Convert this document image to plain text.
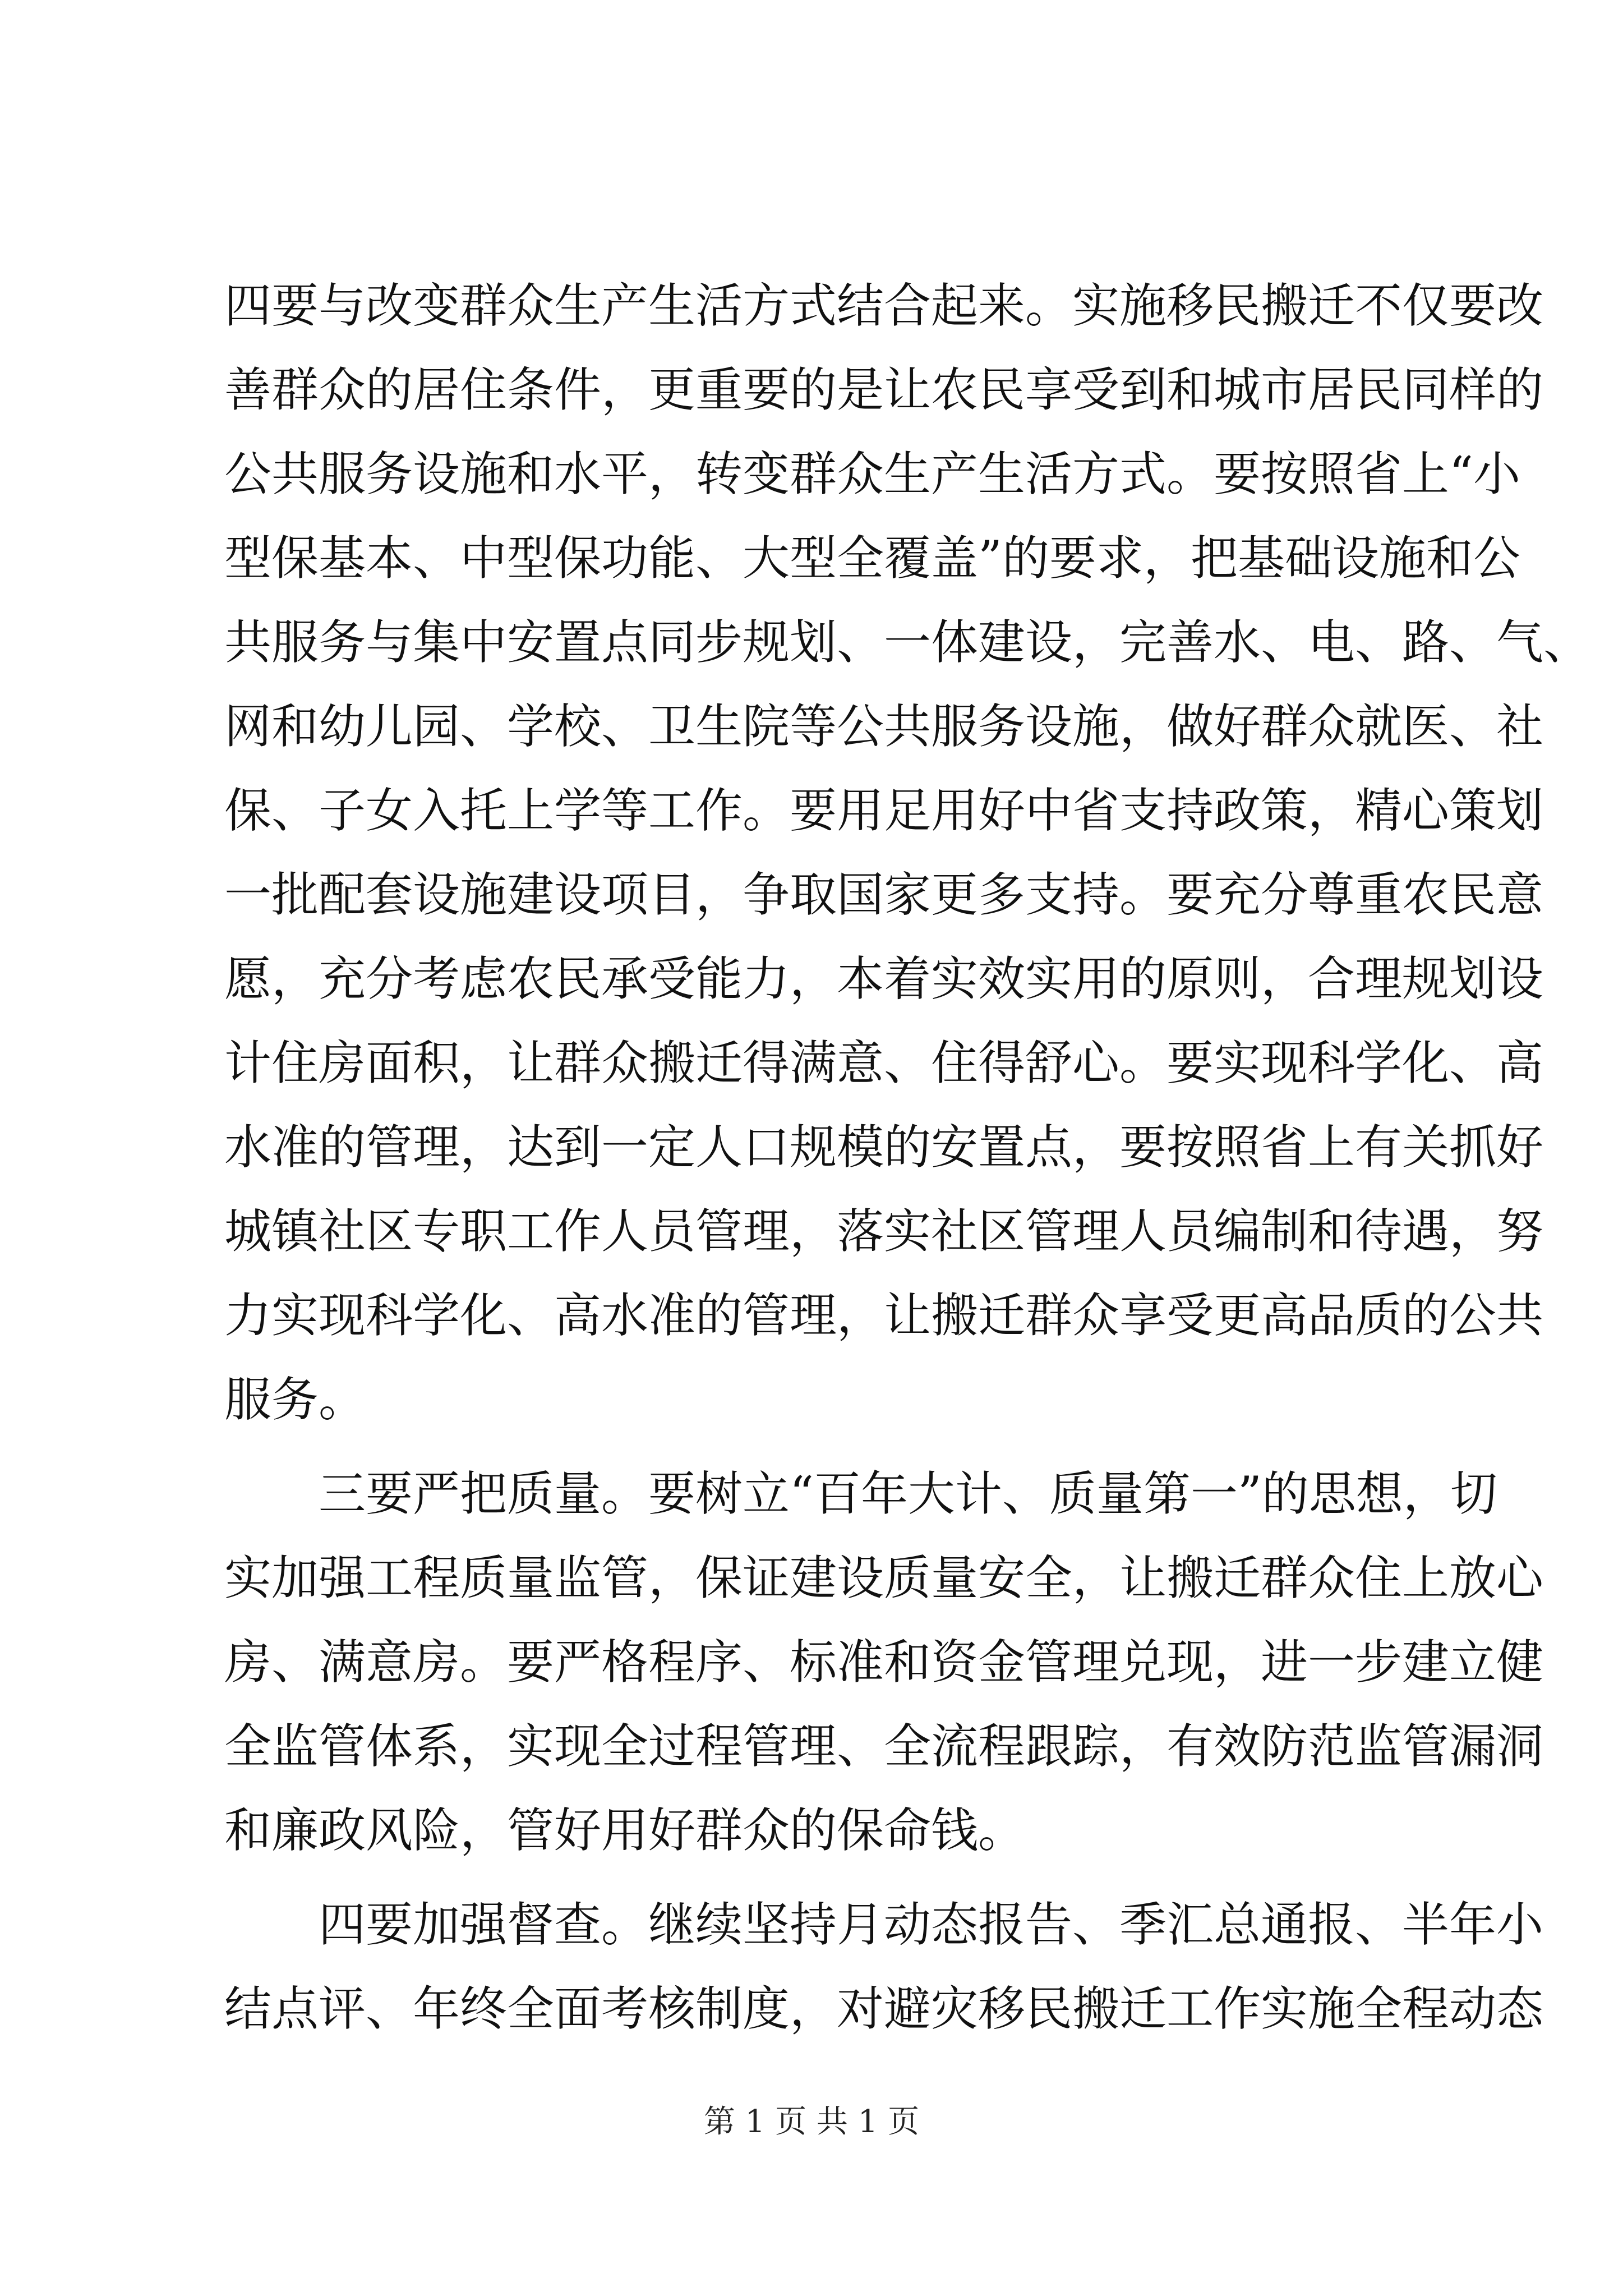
四要与改变群众生产生活方式结合起来。实施移民搬迁不仅要改
善群众的居住条件，更重要的是让农民享受到和城市居民同样的
公共服务设施和水平，转变群众生产生活方式。要按照省上“小
型保基本、中型保功能、大型全覆盖”的要求，把基础设施和公
共服务与集中安置点同步规划、一体建设，完善水、电、路、气、
网和幼儿园、学校、卫生院等公共服务设施，做好群众就医、社
保、子女入托上学等工作。要用足用好中省支持政策，精心策划
一批配套设施建设项目，争取国家更多支持。要充分尊重农民意
愿，充分考虑农民承受能力，本着实效实用的原则，合理规划设
计住房面积，让群众搬迁得满意、住得舒心。要实现科学化、高
水准的管理，达到一定人口规模的安置点，要按照省上有关抓好
城镇社区专职工作人员管理，落实社区管理人员编制和待遇，努
力实现科学化、高水准的管理，让搬迁群众享受更高品质的公共
服务。
　　三要严把质量。要树立“百年大计、质量第一”的思想，切
实加强工程质量监管，保证建设质量安全，让搬迁群众住上放心
房、满意房。要严格程序、标准和资金管理兑现，进一步建立健
全监管体系，实现全过程管理、全流程跟踪，有效防范监管漏洞
和廉政风险，管好用好群众的保命钱。
　　四要加强督查。继续坚持月动态报告、季汇总通报、半年小
结点评、年终全面考核制度，对避灾移民搬迁工作实施全程动态
第 1 页 共 1 页
